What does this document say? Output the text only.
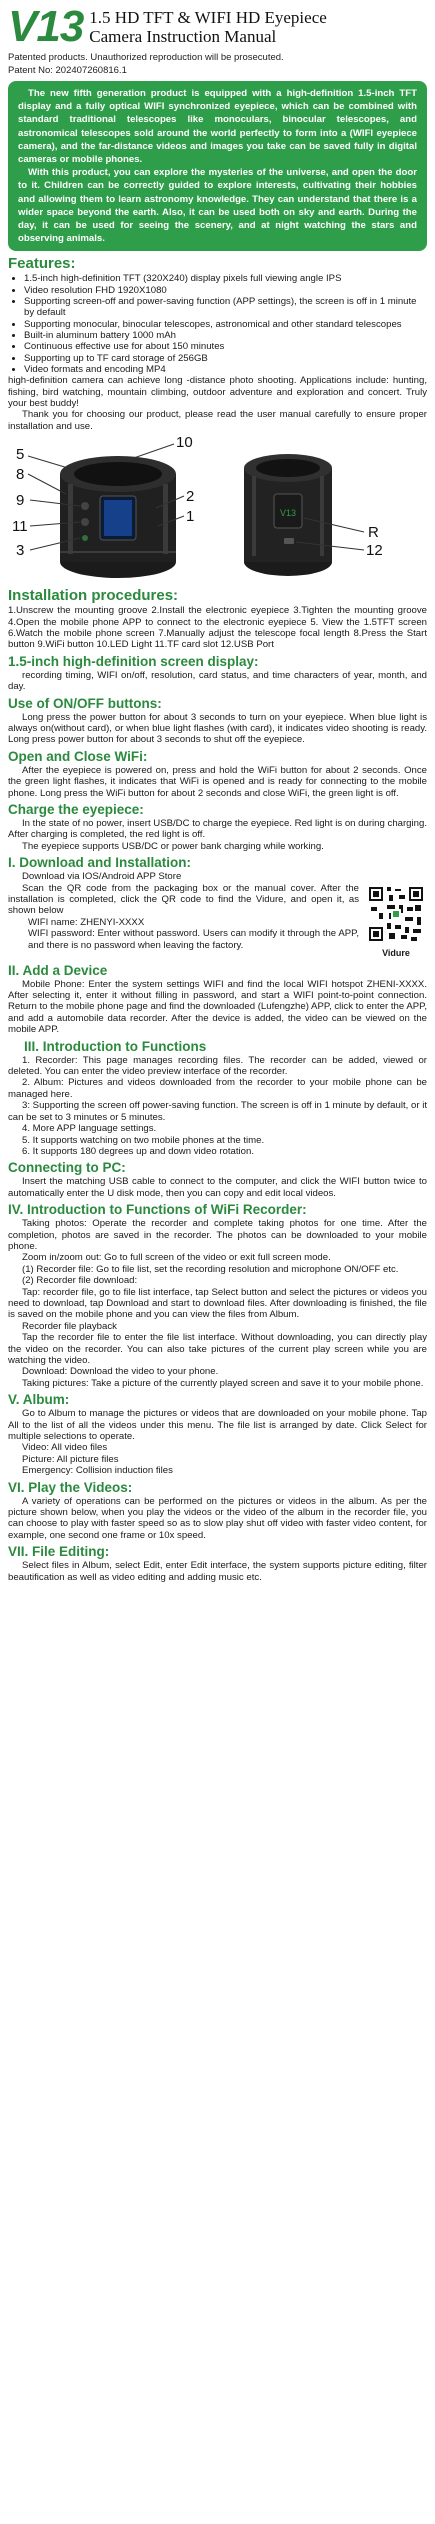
V13 1.5 HD TFT & WIFI HD Eyepiece
Camera Instruction Manual
Patented products. Unauthorized reproduction will be prosecuted.
Patent No: 202407260816.1

The new fifth generation product is equipped with a high-definition 1.5-inch TFT display and a fully optical WIFI synchronized eyepiece, which can be combined with standard traditional telescopes like monoculars, binocular telescopes, and astronomical telescopes sold around the world perfectly to form into a (WIFI eyepiece camera), and the far-distance videos and images you take can be saved fully in digital cameras or mobile phones.

With this product, you can explore the mysteries of the universe, and open the door to it. Children can be correctly guided to explore interests, cultivating their hobbies and allowing them to learn astronomy knowledge. They can understand that there is a wider space beyond the earth. Also, it can be used both on sky and earth. During the day, it can be used for seeing the scenery, and at night watching the stars and observing animals.

Features:
• 1.5-inch high-definition TFT (320X240) display pixels full viewing angle IPS
• Video resolution FHD 1920X1080
• Supporting screen-off and power-saving function (APP settings), the screen is off in 1 minute by default
• Supporting monocular, binocular telescopes, astronomical and other standard telescopes
• Built-in aluminum battery 1000 mAh
• Continuous effective use for about 150 minutes
• Supporting up to TF card storage of 256GB
• Video formats and encoding MP4

high-definition camera can achieve long -distance photo shooting. Applications include: hunting, fishing, bird watching, mountain climbing, outdoor adventure and exploration and concert. Truly your best buddy!

Thank you for choosing our product, please read the user manual carefully to ensure proper installation and use.

V13
5
8
9
11
3
10
2
1
R
12
Installation procedures:

1.Unscrew the mounting groove 2.Install the electronic eyepiece 3.Tighten the mounting groove 4.Open the mobile phone APP to connect to the electronic eyepiece 5. View the 1.5TFT screen 6.Watch the mobile phone screen 7.Manually adjust the telescope focal length 8.Press the Start button 9.WiFi button 10.LED Light 11.TF card slot 12.USB Port

1.5-inch high-definition screen display:

recording timing, WIFI on/off, resolution, card status, and time characters of year, month, and day.

Use of ON/OFF buttons:

Long press the power button for about 3 seconds to turn on your eyepiece. When blue light is always on(without card), or when blue light flashes (with card), it indicates video shooting is ready. Long press power button for about 3 seconds to shut off the eyepiece.

Open and Close WiFi:

After the eyepiece is powered on, press and hold the WiFi button for about 2 seconds. Once the green light flashes, it indicates that WiFi is opened and is ready for connecting to the mobile phone. Long press the WiFi button for about 2 seconds and close WiFi, the green light is off.

Charge the eyepiece:

In the state of no power, insert USB/DC to charge the eyepiece. Red light is on during charging. After charging is completed, the red light is off.

The eyepiece supports USB/DC or power bank charging while working.

I. Download and Installation:

Download via IOS/Android APP Store

Vidure

Scan the QR code from the packaging box or the manual cover. After the installation is completed, click the QR code to find the Vidure, and open it, as shown below

WIFI name: ZHENYI-XXXX

WIFI password: Enter without password. Users can modify it through the APP, and there is no password when leaving the factory.

II. Add a Device

Mobile Phone: Enter the system settings WIFI and find the local WIFI hotspot ZHENI-XXXX. After selecting it, enter it without filling in password, and start a WIFI point-to-point connection. Return to the mobile phone page and find the downloaded (Lufengzhe) APP, click to enter the APP, and add a automobile data recorder. After the device is added, the video can be viewed on the mobile APP.

III. Introduction to Functions

1. Recorder: This page manages recording files. The recorder can be added, viewed or deleted. You can enter the video preview interface of the recorder.

2. Album: Pictures and videos downloaded from the recorder to your mobile phone can be managed here.

3: Supporting the screen off power-saving function. The screen is off in 1 minute by default, or it can be set to 3 minutes or 5 minutes.

4. More APP language settings.

5. It supports watching on two mobile phones at the time.

6. It supports 180 degrees up and down video rotation.

Connecting to PC:

Insert the matching USB cable to connect to the computer, and click the WIFI button twice to automatically enter the U disk mode, then you can copy and edit local videos.

IV. Introduction to Functions of WiFi Recorder:

Taking photos: Operate the recorder and complete taking photos for one time. After the completion, photos are saved in the recorder. The photos can be downloaded to your mobile phone.

Zoom in/zoom out: Go to full screen of the video or exit full screen mode.

(1) Recorder file: Go to file list, set the recording resolution and microphone ON/OFF etc.

(2) Recorder file download:

Tap: recorder file, go to file list interface, tap Select button and select the pictures or videos you need to download, tap Download and start to download files. After downloading is finished, the file is saved on the mobile phone and you can view the files from Album.

Recorder file playback

Tap the recorder file to enter the file list interface. Without downloading, you can directly play the video on the recorder. You can also take pictures of the current play screen while you are watching the video.

Download: Download the video to your phone.

Taking pictures: Take a picture of the currently played screen and save it to your mobile phone.

V. Album:

Go to Album to manage the pictures or videos that are downloaded on your mobile phone. Tap All to the list of all the videos under this menu. The file list is arranged by date. Click Select for multiple selections to operate.

Video: All video files

Picture: All picture files

Emergency: Collision induction files

VI. Play the Videos:

A variety of operations can be performed on the pictures or videos in the album. As per the picture shown below, when you play the videos or the video of the album in the recorder file, you can choose to play with faster speed so as to slow play shut off video with faster video content, for example, one second one frame or 10x speed.

VII. File Editing:

Select files in Album, select Edit, enter Edit interface, the system supports picture editing, filter beautification as well as video editing and adding music etc.
